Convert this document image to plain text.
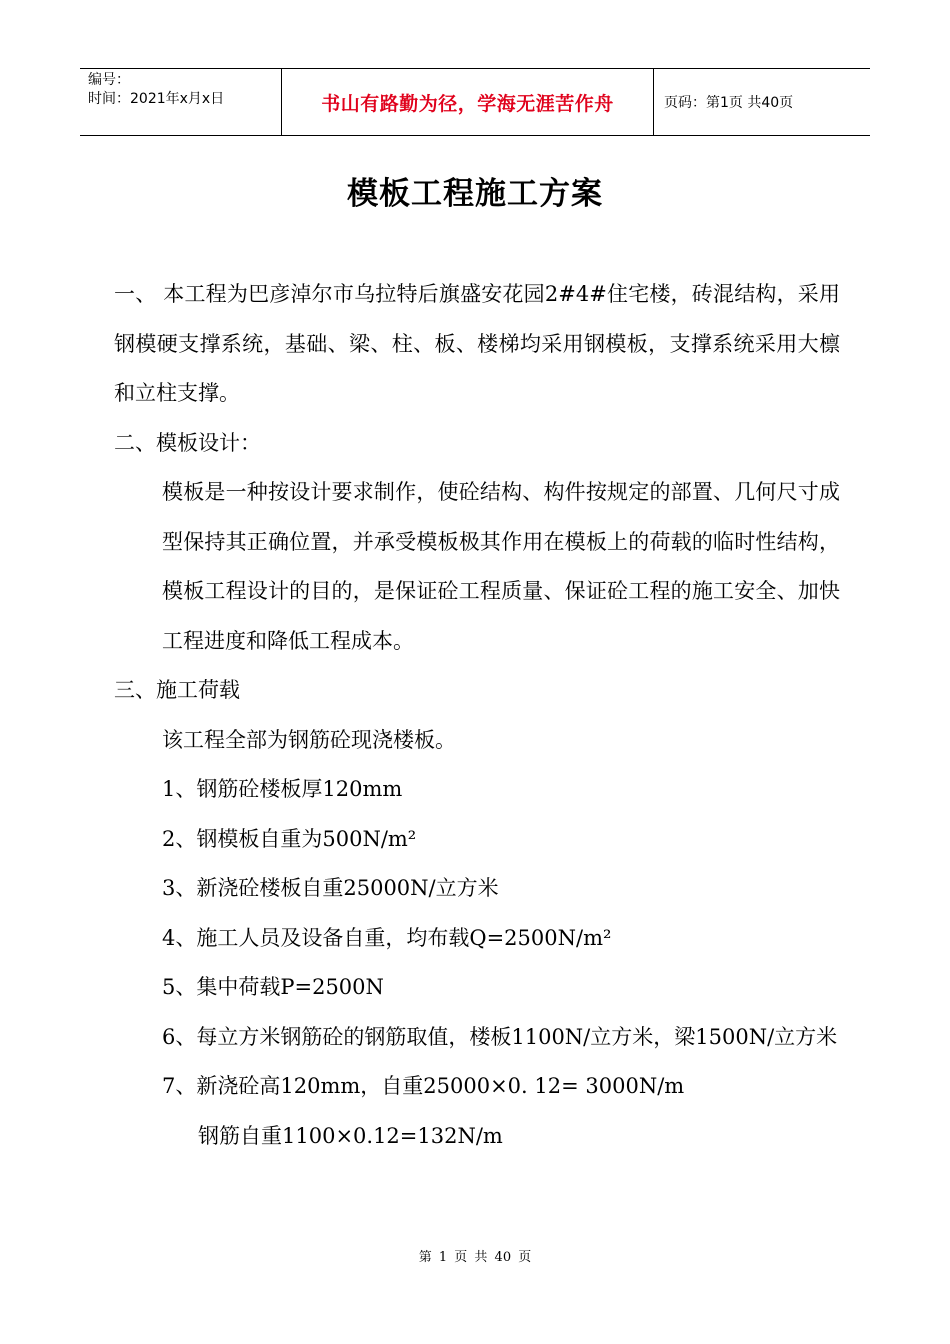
编号：
时间：2021年x月x日	书山有路勤为径，学海无涯苦作舟	页码：第1页 共40页
模板工程施工方案

一、 本工程为巴彦淖尔市乌拉特后旗盛安花园2#4#住宅楼，砖混结构，采用钢模硬支撑系统，基础、梁、柱、板、楼梯均采用钢模板，支撑系统采用大檩和立柱支撑。

二、模板设计：

模板是一种按设计要求制作，使砼结构、构件按规定的部置、几何尺寸成型保持其正确位置，并承受模板极其作用在模板上的荷载的临时性结构，模板工程设计的目的，是保证砼工程质量、保证砼工程的施工安全、加快工程进度和降低工程成本。

三、施工荷载

该工程全部为钢筋砼现浇楼板。

1、钢筋砼楼板厚120mm

2、钢模板自重为500N/m²

3、新浇砼楼板自重25000N/立方米

4、施工人员及设备自重，均布载Q=2500N/m²

5、集中荷载P=2500N

6、每立方米钢筋砼的钢筋取值，楼板1100N/立方米，梁1500N/立方米

7、新浇砼高120mm，自重25000×0. 12= 3000N/m

钢筋自重1100×0.12=132N/m

第 1 页 共 40 页
